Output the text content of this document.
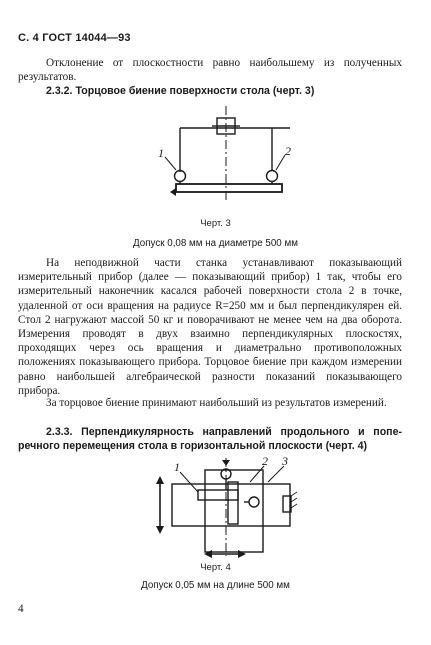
С. 4 ГОСТ 14044—93
Отклонение от плоскостности равно наибольшему из полученных результатов.
2.3.2. Торцовое биение поверхности стола (черт. 3)
1	2
Черт. 3
Допуск 0,08 мм на диаметре 500 мм
На неподвижной части станка устанавливают показывающий измерительный прибор (далее — показывающий прибор) 1 так, чтобы его измерительный наконечник касался рабочей поверхности стола 2 в точке, удаленной от оси вращения на радиусе R=250 мм и был перпендикулярен ей. Стол 2 нагружают массой 50 кг и поворачивают не менее чем на два оборота. Измерения проводят в двух взаимно перпендикулярных плоскостях, проходящих через ось вращения и диаметрально противоположных положениях показывающего прибора. Торцовое биение при каждом измерении равно наибольшей алгебраической разности показаний показывающего прибора.
За торцовое биение принимают наибольший из результатов измерений.
2.3.3. Перпендикулярность направлений продольного и поперечного перемещения стола в горизонтальной плоскости (черт. 4)
1	2 3
Черт. 4
Допуск 0,05 мм на длине 500 мм
4
